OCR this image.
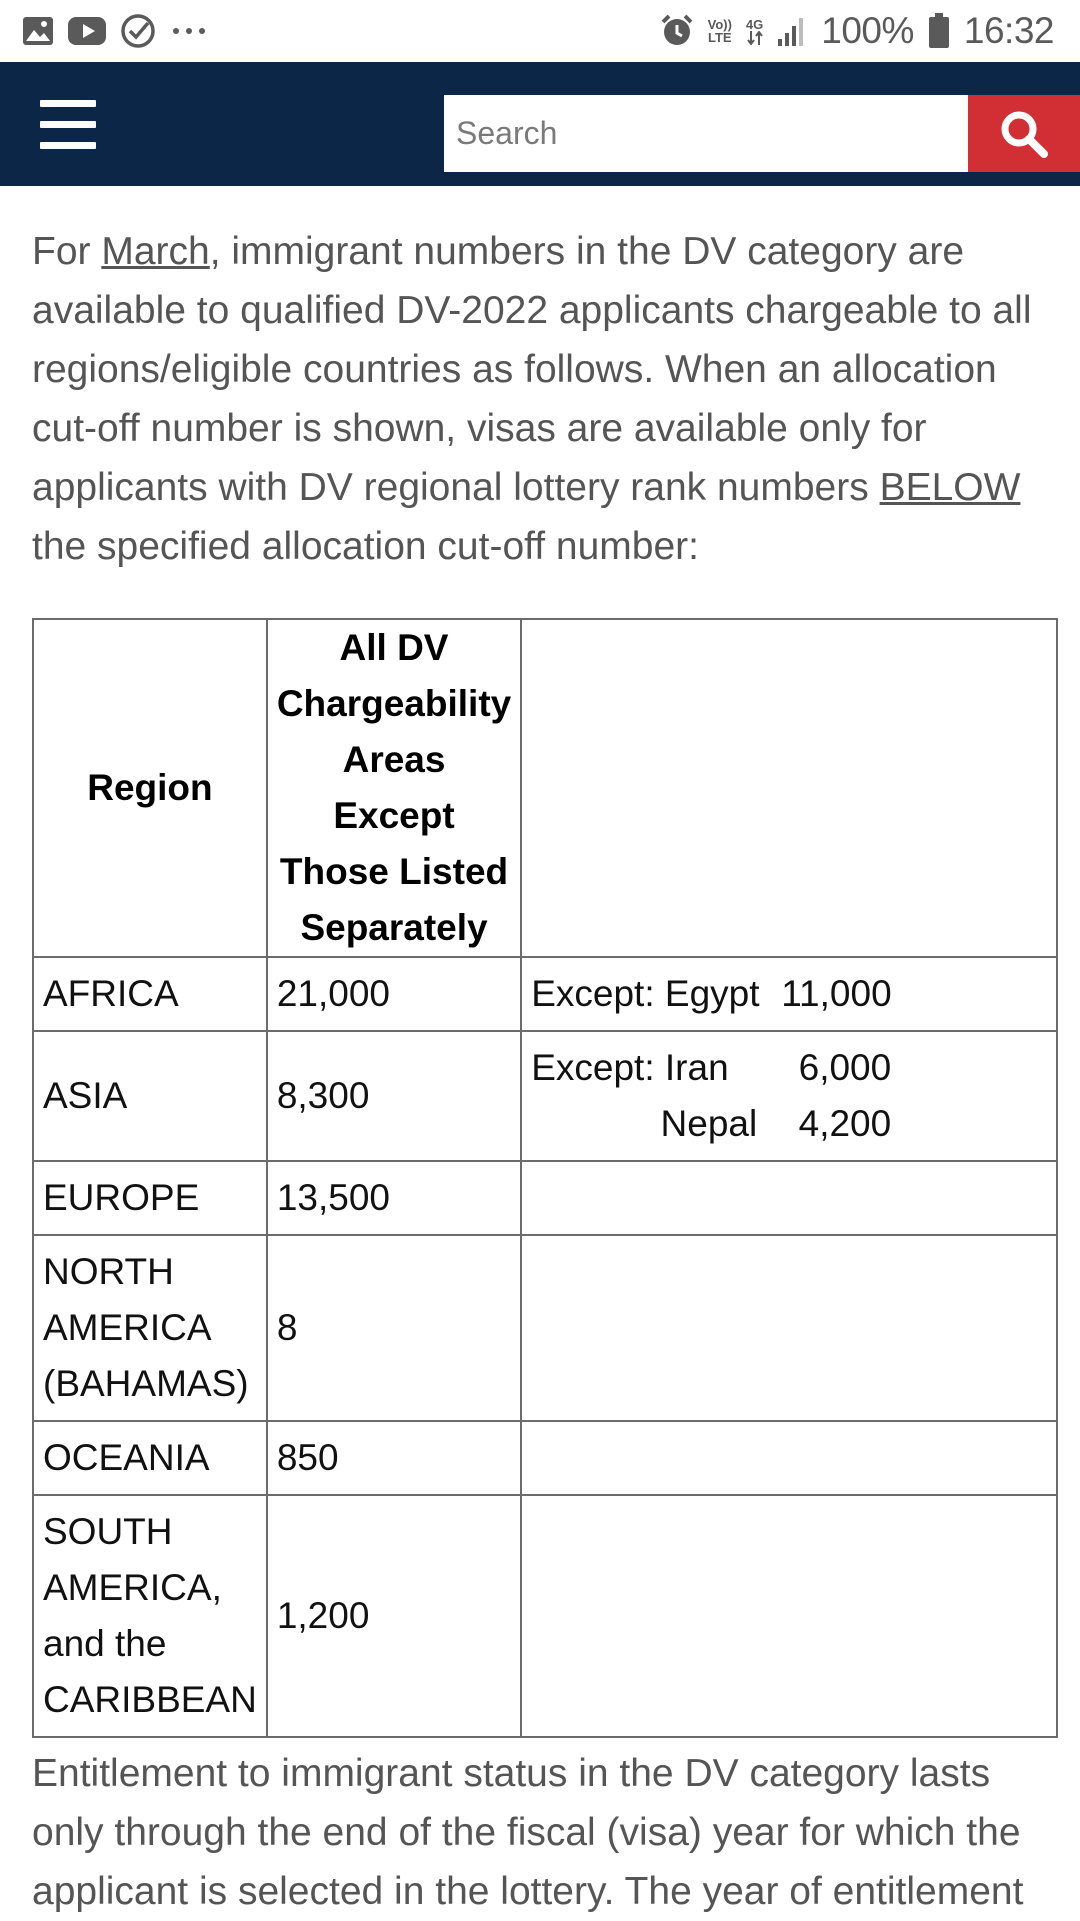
Vo))
LTE
4G 100% 16:32
Search

For March, immigrant numbers in the DV category are available to qualified DV-2022 applicants chargeable to all regions/eligible countries as follows. When an allocation cut-off number is shown, visas are available only for applicants with DV regional lottery rank numbers BELOW the specified allocation cut-off number:

Region	All DV Chargeability Areas Except Those Listed Separately	
AFRICA	21,000	Except: Egypt 11,000

ASIA	8,300	Except: Iran 6,000
Nepal 4,200

EUROPE	13,500	
NORTH AMERICA (BAHAMAS)	8	
OCEANIA	850	
SOUTH AMERICA, and the CARIBBEAN	1,200	

Entitlement to immigrant status in the DV category lasts only through the end of the fiscal (visa) year for which the applicant is selected in the lottery. The year of entitlement
